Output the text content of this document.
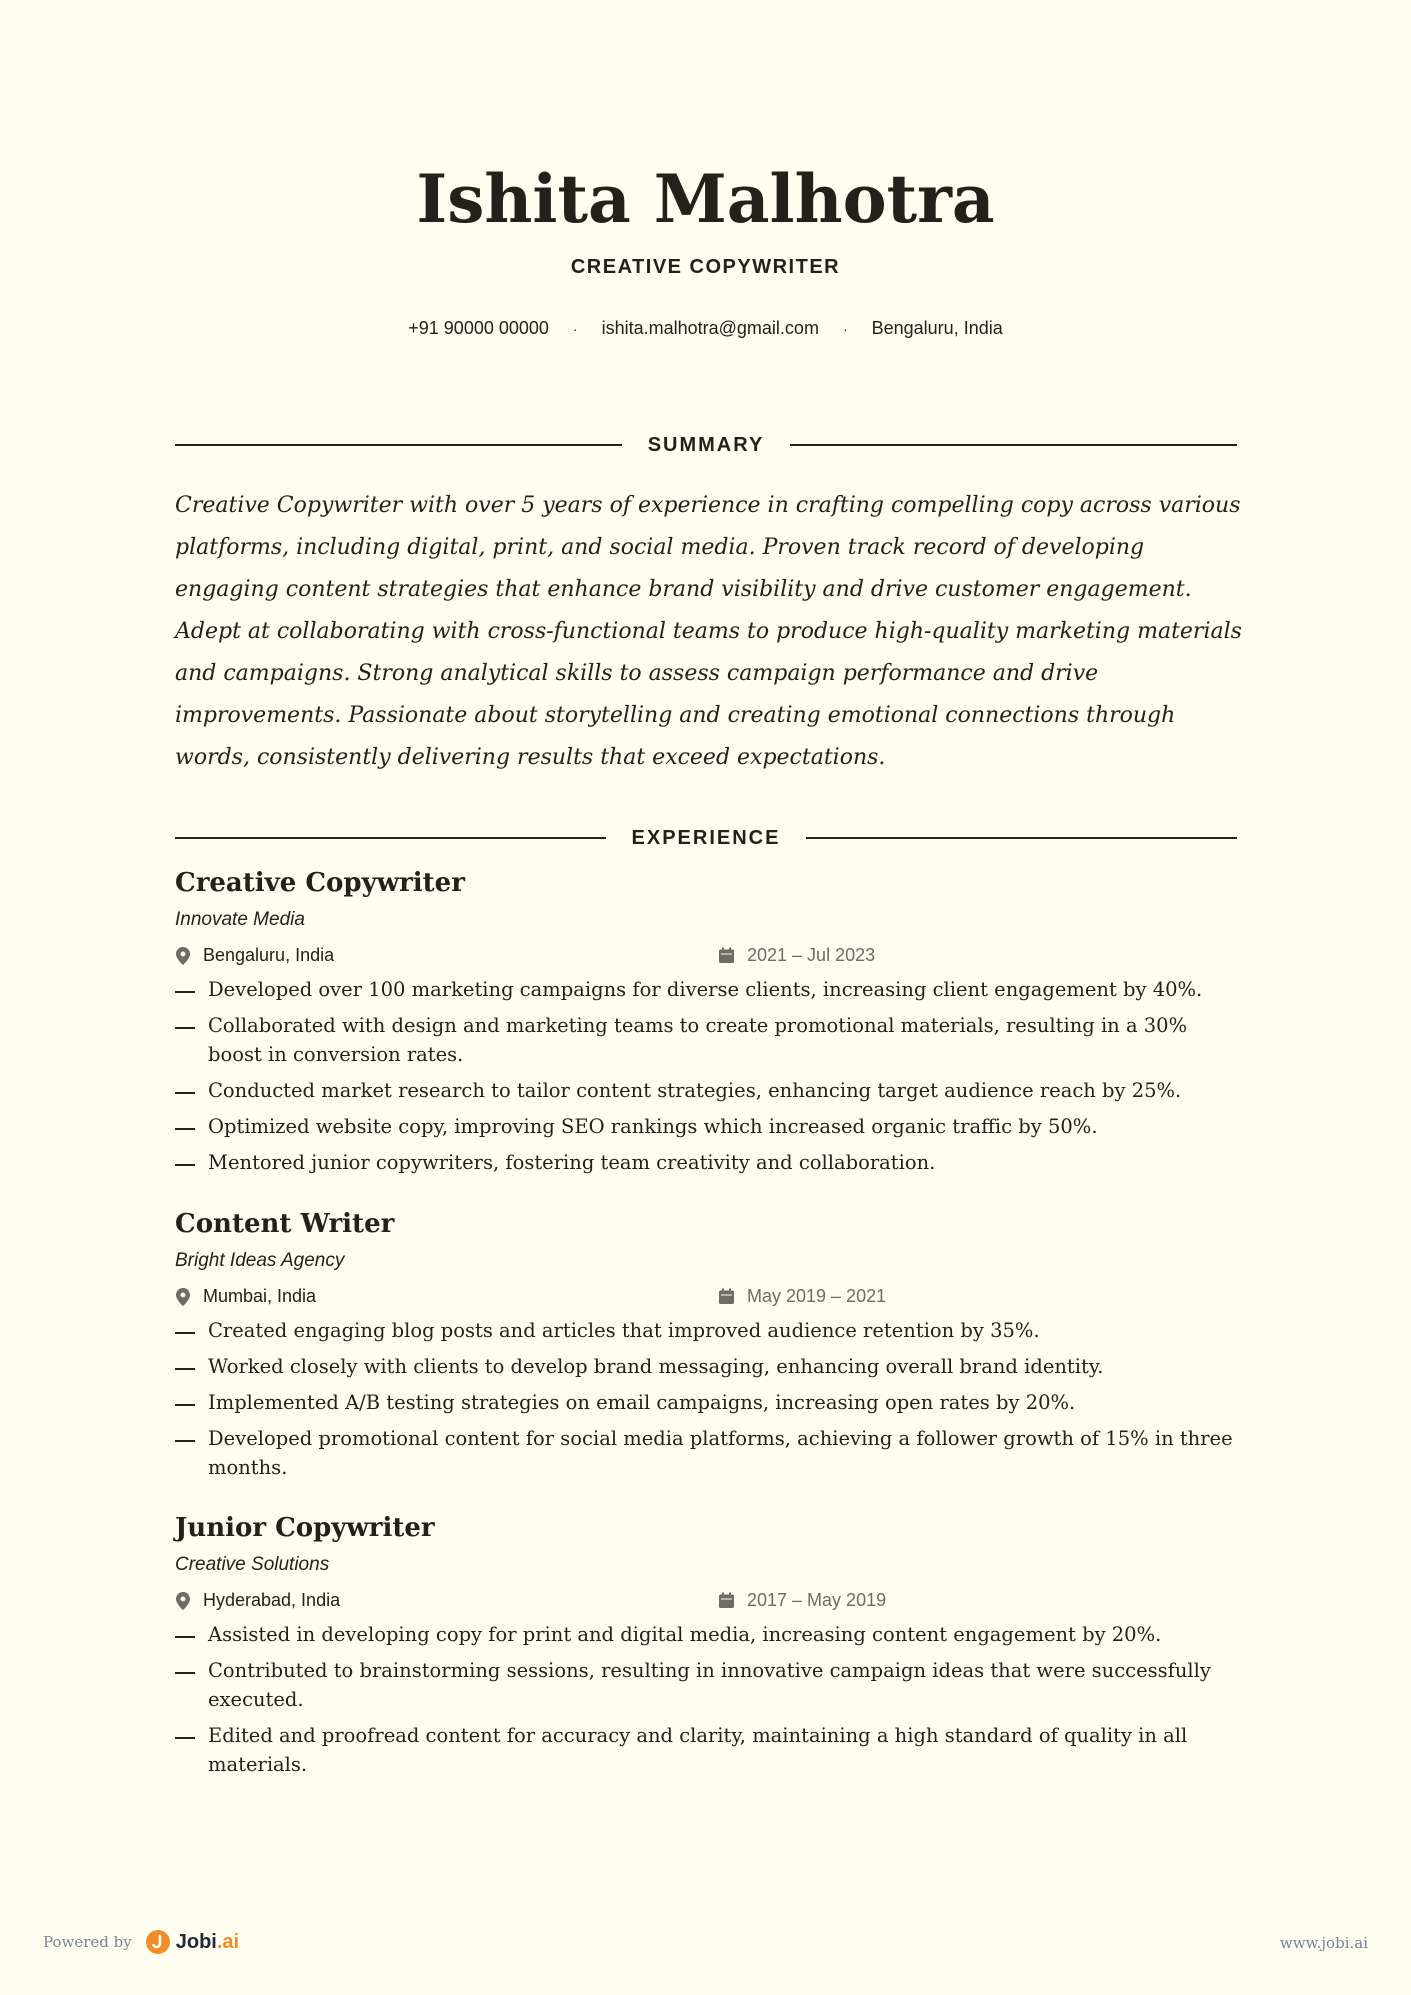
Ishita Malhotra
CREATIVE COPYWRITER
+91 90000 00000 · ishita.malhotra@gmail.com · Bengaluru, India
SUMMARY
Creative Copywriter with over 5 years of experience in crafting compelling copy across various platforms, including digital, print, and social media. Proven track record of developing engaging content strategies that enhance brand visibility and drive customer engagement. Adept at collaborating with cross-functional teams to produce high-quality marketing materials and campaigns. Strong analytical skills to assess campaign performance and drive improvements. Passionate about storytelling and creating emotional connections through words, consistently delivering results that exceed expectations.
EXPERIENCE
Creative Copywriter
Innovate Media
Bengaluru, India	2021 – Jul 2023
Developed over 100 marketing campaigns for diverse clients, increasing client engagement by 40%.
Collaborated with design and marketing teams to create promotional materials, resulting in a 30% boost in conversion rates.
Conducted market research to tailor content strategies, enhancing target audience reach by 25%.
Optimized website copy, improving SEO rankings which increased organic traffic by 50%.
Mentored junior copywriters, fostering team creativity and collaboration.
Content Writer
Bright Ideas Agency
Mumbai, India	May 2019 – 2021
Created engaging blog posts and articles that improved audience retention by 35%.
Worked closely with clients to develop brand messaging, enhancing overall brand identity.
Implemented A/B testing strategies on email campaigns, increasing open rates by 20%.
Developed promotional content for social media platforms, achieving a follower growth of 15% in three months.
Junior Copywriter
Creative Solutions
Hyderabad, India	2017 – May 2019
Assisted in developing copy for print and digital media, increasing content engagement by 20%.
Contributed to brainstorming sessions, resulting in innovative campaign ideas that were successfully executed.
Edited and proofread content for accuracy and clarity, maintaining a high standard of quality in all materials.
Powered by Jobi.ai	www.jobi.ai
